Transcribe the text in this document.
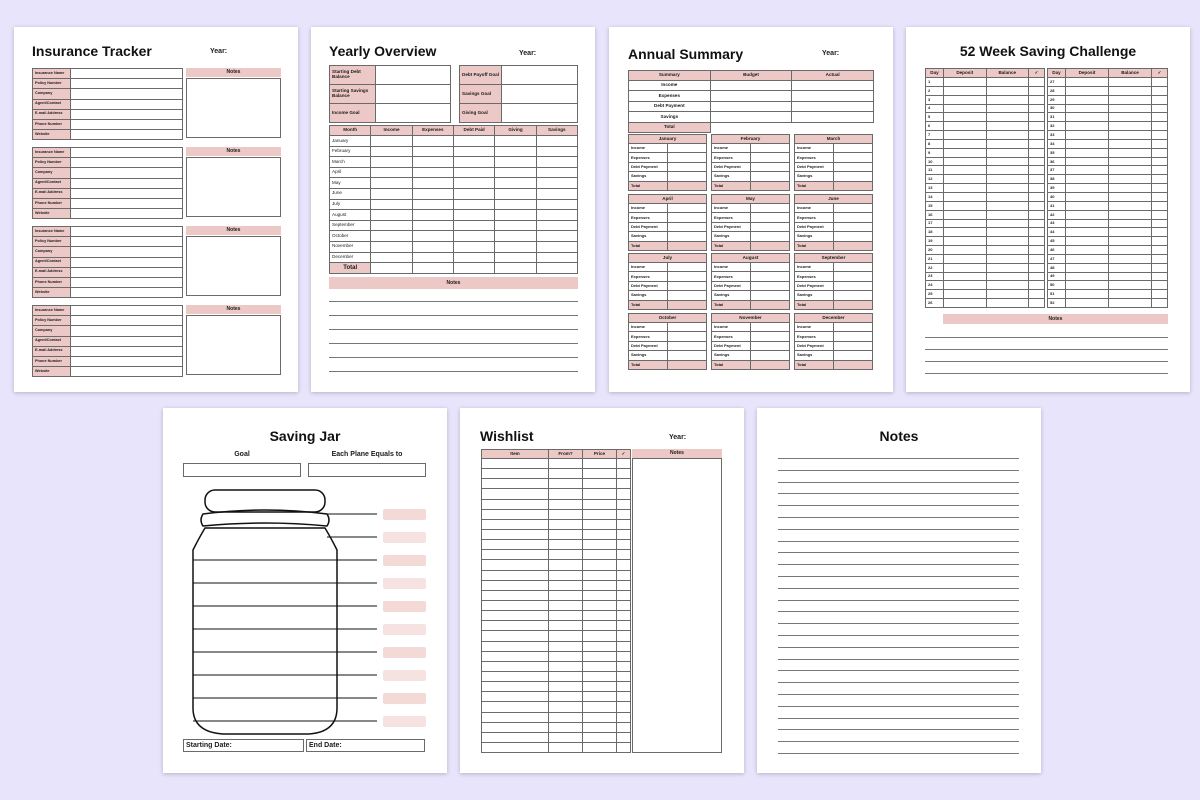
Insurance Tracker	Year:
Insurance Name	
Policy Number	
Company	
Agent/Contact	
E-mail Address	
Phone Number	
Website	
Notes
Insurance Name	
Policy Number	
Company	
Agent/Contact	
E-mail Address	
Phone Number	
Website	
Notes
Insurance Name	
Policy Number	
Company	
Agent/Contact	
E-mail Address	
Phone Number	
Website	
Notes
Insurance Name	
Policy Number	
Company	
Agent/Contact	
E-mail Address	
Phone Number	
Website	
Notes
Yearly Overview	Year:
Starting Debt Balance	
Starting Savings Balance	
Income Goal	
Debt Payoff Goal	
Savings Goal	
Giving Goal	
Month	Income	Expenses	Debt Paid	Giving	Savings
January					
February					
March					
April					
May					
June					
July					
August					
September					
October					
November					
December					
Total					
Notes
Annual Summary	Year:
Summary	Budget	Actual
Income		
Expenses		
Debt Payment		
Savings		
Total		
January	
Income	
Expenses	
Debt Payment	
Savings	
Total	
February	
Income	
Expenses	
Debt Payment	
Savings	
Total	
March	
Income	
Expenses	
Debt Payment	
Savings	
Total	
April	
Income	
Expenses	
Debt Payment	
Savings	
Total	
May	
Income	
Expenses	
Debt Payment	
Savings	
Total	
June	
Income	
Expenses	
Debt Payment	
Savings	
Total	
July	
Income	
Expenses	
Debt Payment	
Savings	
Total	
August	
Income	
Expenses	
Debt Payment	
Savings	
Total	
September	
Income	
Expenses	
Debt Payment	
Savings	
Total	
October	
Income	
Expenses	
Debt Payment	
Savings	
Total	
November	
Income	
Expenses	
Debt Payment	
Savings	
Total	
December	
Income	
Expenses	
Debt Payment	
Savings	
Total	
52 Week Saving Challenge
Day	Deposit	Balance	✓
1			
2			
3			
4			
5			
6			
7			
8			
9			
10			
11			
12			
13			
14			
15			
16			
17			
18			
19			
20			
21			
22			
23			
24			
25			
26			
Day	Deposit	Balance	✓
27			
28			
29			
30			
31			
32			
33			
34			
35			
36			
37			
38			
39			
40			
41			
42			
43			
44			
45			
46			
47			
48			
49			
50			
51			
52			
Notes
Saving Jar
Goal	Each Plane Equals to
Starting Date:	End Date:
Wishlist	Year:
Item	From?	Price	✓

				Notes
Notes
